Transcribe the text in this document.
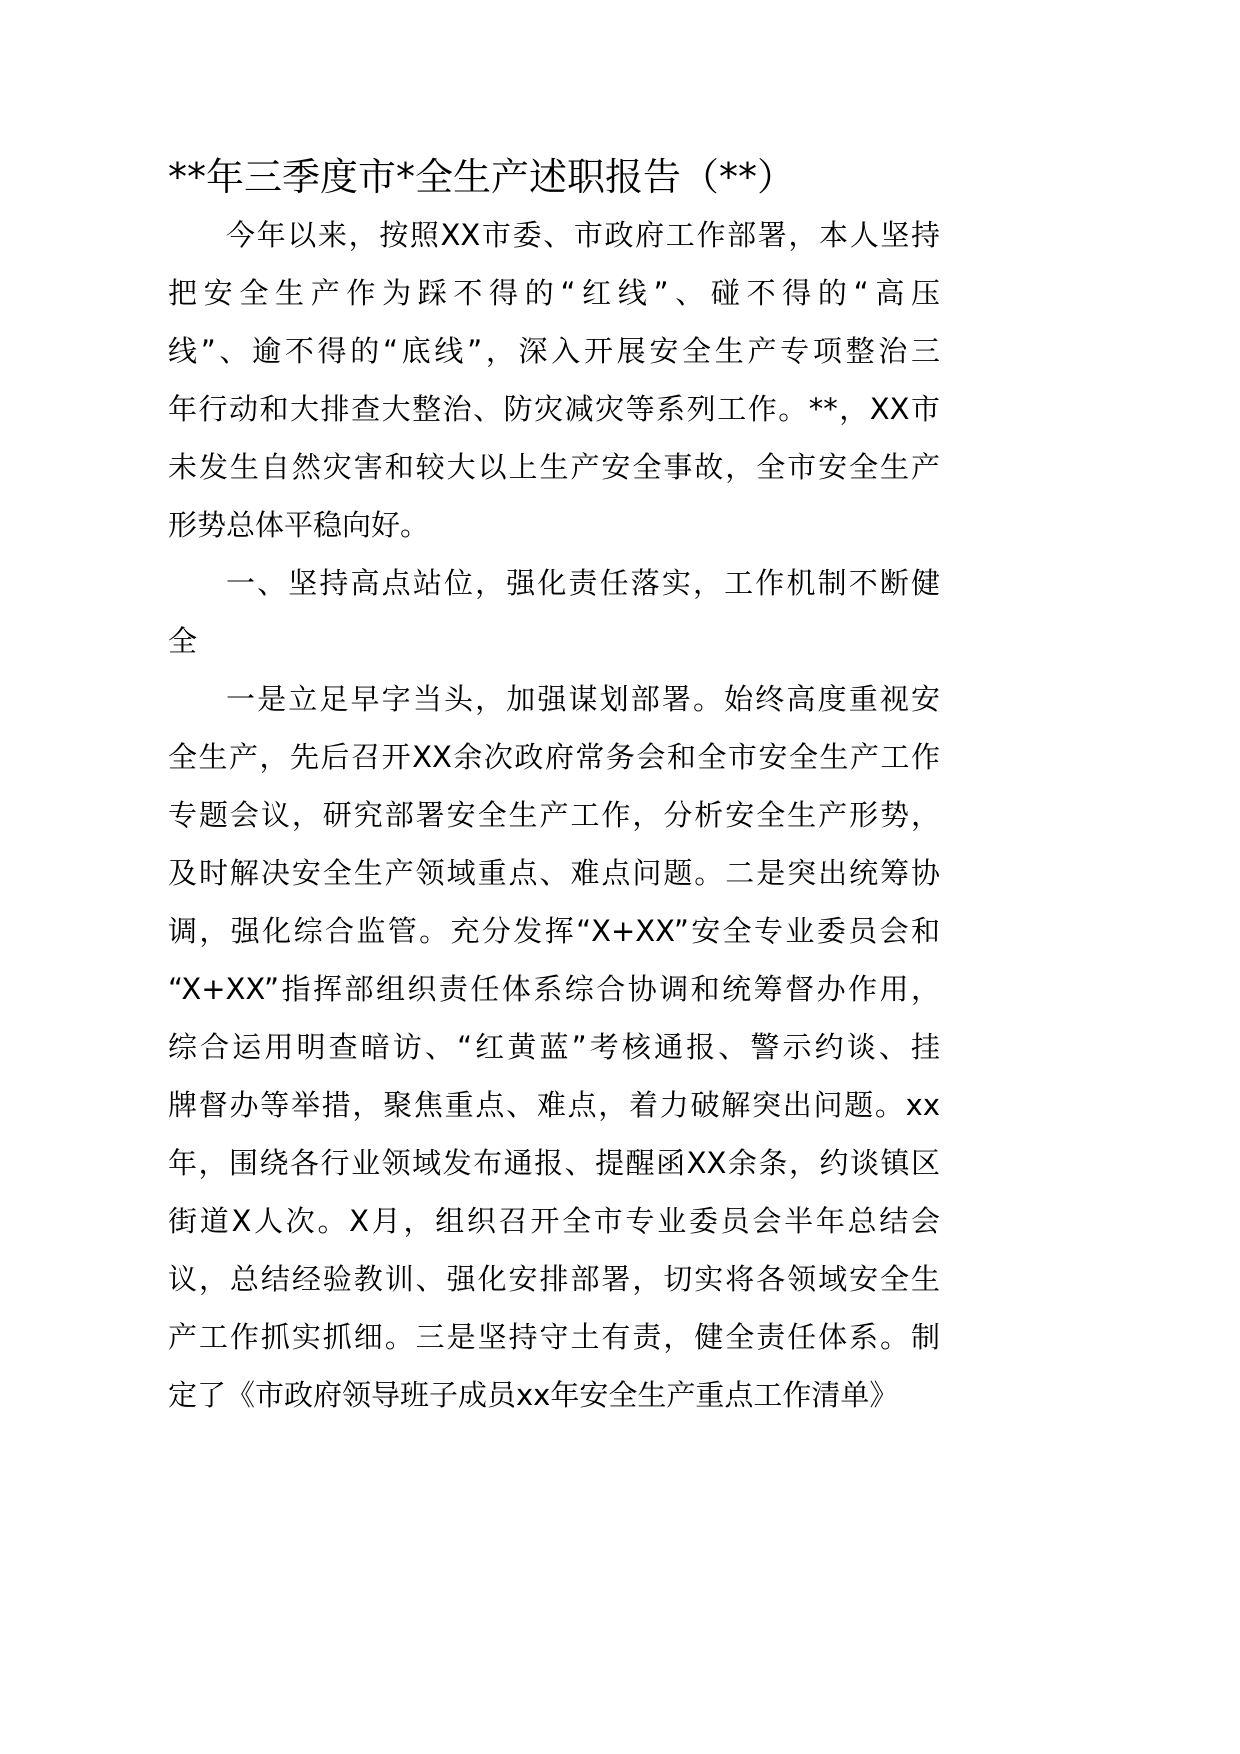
**年三季度市*全生产述职报告（**）
今年以来，按照XX市委、市政府工作部署，本人坚持
把安全生产作为踩不得的“红线”、碰不得的“高压
线”、逾不得的“底线”，深入开展安全生产专项整治三
年行动和大排查大整治、防灾减灾等系列工作。**，XX市
未发生自然灾害和较大以上生产安全事故，全市安全生产
形势总体平稳向好。
一、坚持高点站位，强化责任落实，工作机制不断健
全
一是立足早字当头，加强谋划部署。始终高度重视安
全生产，先后召开XX余次政府常务会和全市安全生产工作
专题会议，研究部署安全生产工作，分析安全生产形势，
及时解决安全生产领域重点、难点问题。二是突出统筹协
调，强化综合监管。充分发挥“X+XX”安全专业委员会和
“X+XX”指挥部组织责任体系综合协调和统筹督办作用，
综合运用明查暗访、“红黄蓝”考核通报、警示约谈、挂
牌督办等举措，聚焦重点、难点，着力破解突出问题。xx
年，围绕各行业领域发布通报、提醒函XX余条，约谈镇区
街道X人次。X月，组织召开全市专业委员会半年总结会
议，总结经验教训、强化安排部署，切实将各领域安全生
产工作抓实抓细。三是坚持守土有责，健全责任体系。制
定了《市政府领导班子成员xx年安全生产重点工作清单》
